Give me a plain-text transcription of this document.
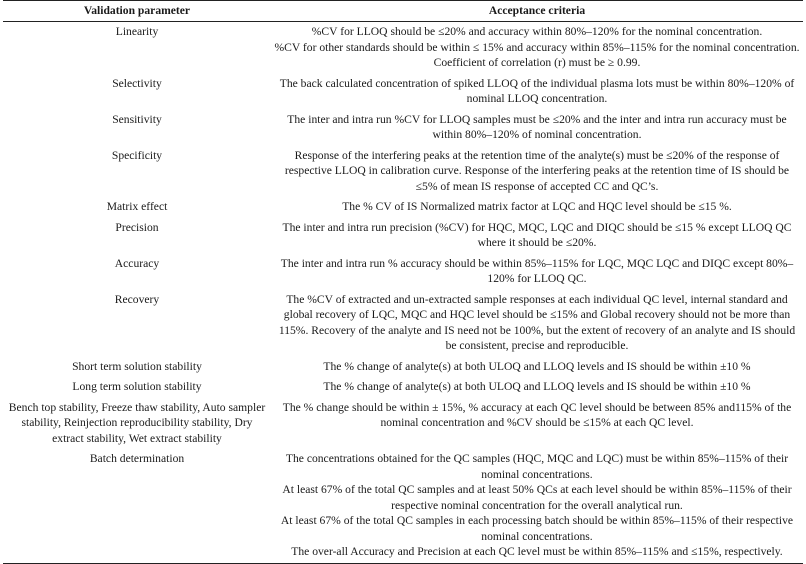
Validation parameter	Acceptance criteria
Linearity	%CV for LLOQ should be ≤20% and accuracy within 80%–120% for the nominal concentration.
%CV for other standards should be within ≤ 15% and accuracy within 85%–115% for the nominal concentration. Coefficient of correlation (r) must be ≥ 0.99.

Selectivity	The back calculated concentration of spiked LLOQ of the individual plasma lots must be within 80%–120% of nominal LLOQ concentration.

Sensitivity	The inter and intra run %CV for LLOQ samples must be ≤20% and the inter and intra run accuracy must be within 80%–120% of nominal concentration.

Specificity	Response of the interfering peaks at the retention time of the analyte(s) must be ≤20% of the response of respective LLOQ in calibration curve. Response of the interfering peaks at the retention time of IS should be ≤5% of mean IS response of accepted CC and QC’s.

Matrix effect	The % CV of IS Normalized matrix factor at LQC and HQC level should be ≤15 %.

Precision	The inter and intra run precision (%CV) for HQC, MQC, LQC and DIQC should be ≤15 % except LLOQ QC where it should be ≤20%.

Accuracy	The inter and intra run % accuracy should be within 85%–115% for LQC, MQC LQC and DIQC except 80%–120% for LLOQ QC.

Recovery	The %CV of extracted and un-extracted sample responses at each individual QC level, internal standard and global recovery of LQC, MQC and HQC level should be ≤15% and Global recovery should not be more than 115%. Recovery of the analyte and IS need not be 100%, but the extent of recovery of an analyte and IS should be consistent, precise and reproducible.

Short term solution stability	The % change of analyte(s) at both ULOQ and LLOQ levels and IS should be within ±10 %

Long term solution stability	The % change of analyte(s) at both ULOQ and LLOQ levels and IS should be within ±10 %

Bench top stability, Freeze thaw stability, Auto sampler stability, Reinjection reproducibility stability, Dry extract stability, Wet extract stability	The % change should be within ± 15%, % accuracy at each QC level should be between 85% and115% of the nominal concentration and %CV should be ≤15% at each QC level.

Batch determination	The concentrations obtained for the QC samples (HQC, MQC and LQC) must be within 85%–115% of their nominal concentrations.
At least 67% of the total QC samples and at least 50% QCs at each level should be within 85%–115% of their respective nominal concentration for the overall analytical run.
At least 67% of the total QC samples in each processing batch should be within 85%–115% of their respective nominal concentrations.
The over-all Accuracy and Precision at each QC level must be within 85%–115% and ≤15%, respectively.
